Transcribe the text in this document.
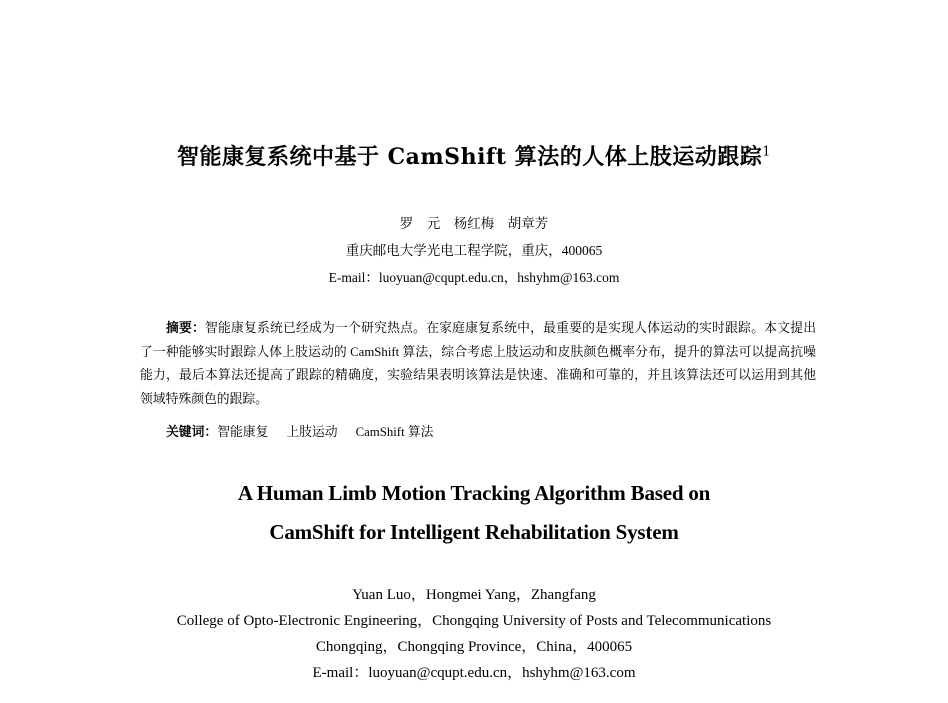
智能康复系统中基于 CamShift 算法的人体上肢运动跟踪$^1$
罗　元　杨红梅　胡章芳
重庆邮电大学光电工程学院，重庆，400065
E-mail：luoyuan@cqupt.edu.cn，hshyhm@163.com

摘要：智能康复系统已经成为一个研究热点。在家庭康复系统中，最重要的是实现人体运动的实时跟踪。本文提出了一种能够实时跟踪人体上肢运动的 CamShift 算法，综合考虑上肢运动和皮肤颜色概率分布，提升的算法可以提高抗噪能力，最后本算法还提高了跟踪的精确度，实验结果表明该算法是快速、准确和可靠的，并且该算法还可以运用到其他领域特殊颜色的跟踪。

关键词：智能康复 上肢运动 CamShift 算法
A Human Limb Motion Tracking Algorithm Based on
CamShift for Intelligent Rehabilitation System
Yuan Luo，Hongmei Yang，Zhangfang
College of Opto-Electronic Engineering，Chongqing University of Posts and Telecommunications
Chongqing，Chongqing Province，China，400065
E-mail：luoyuan@cqupt.edu.cn，hshyhm@163.com
